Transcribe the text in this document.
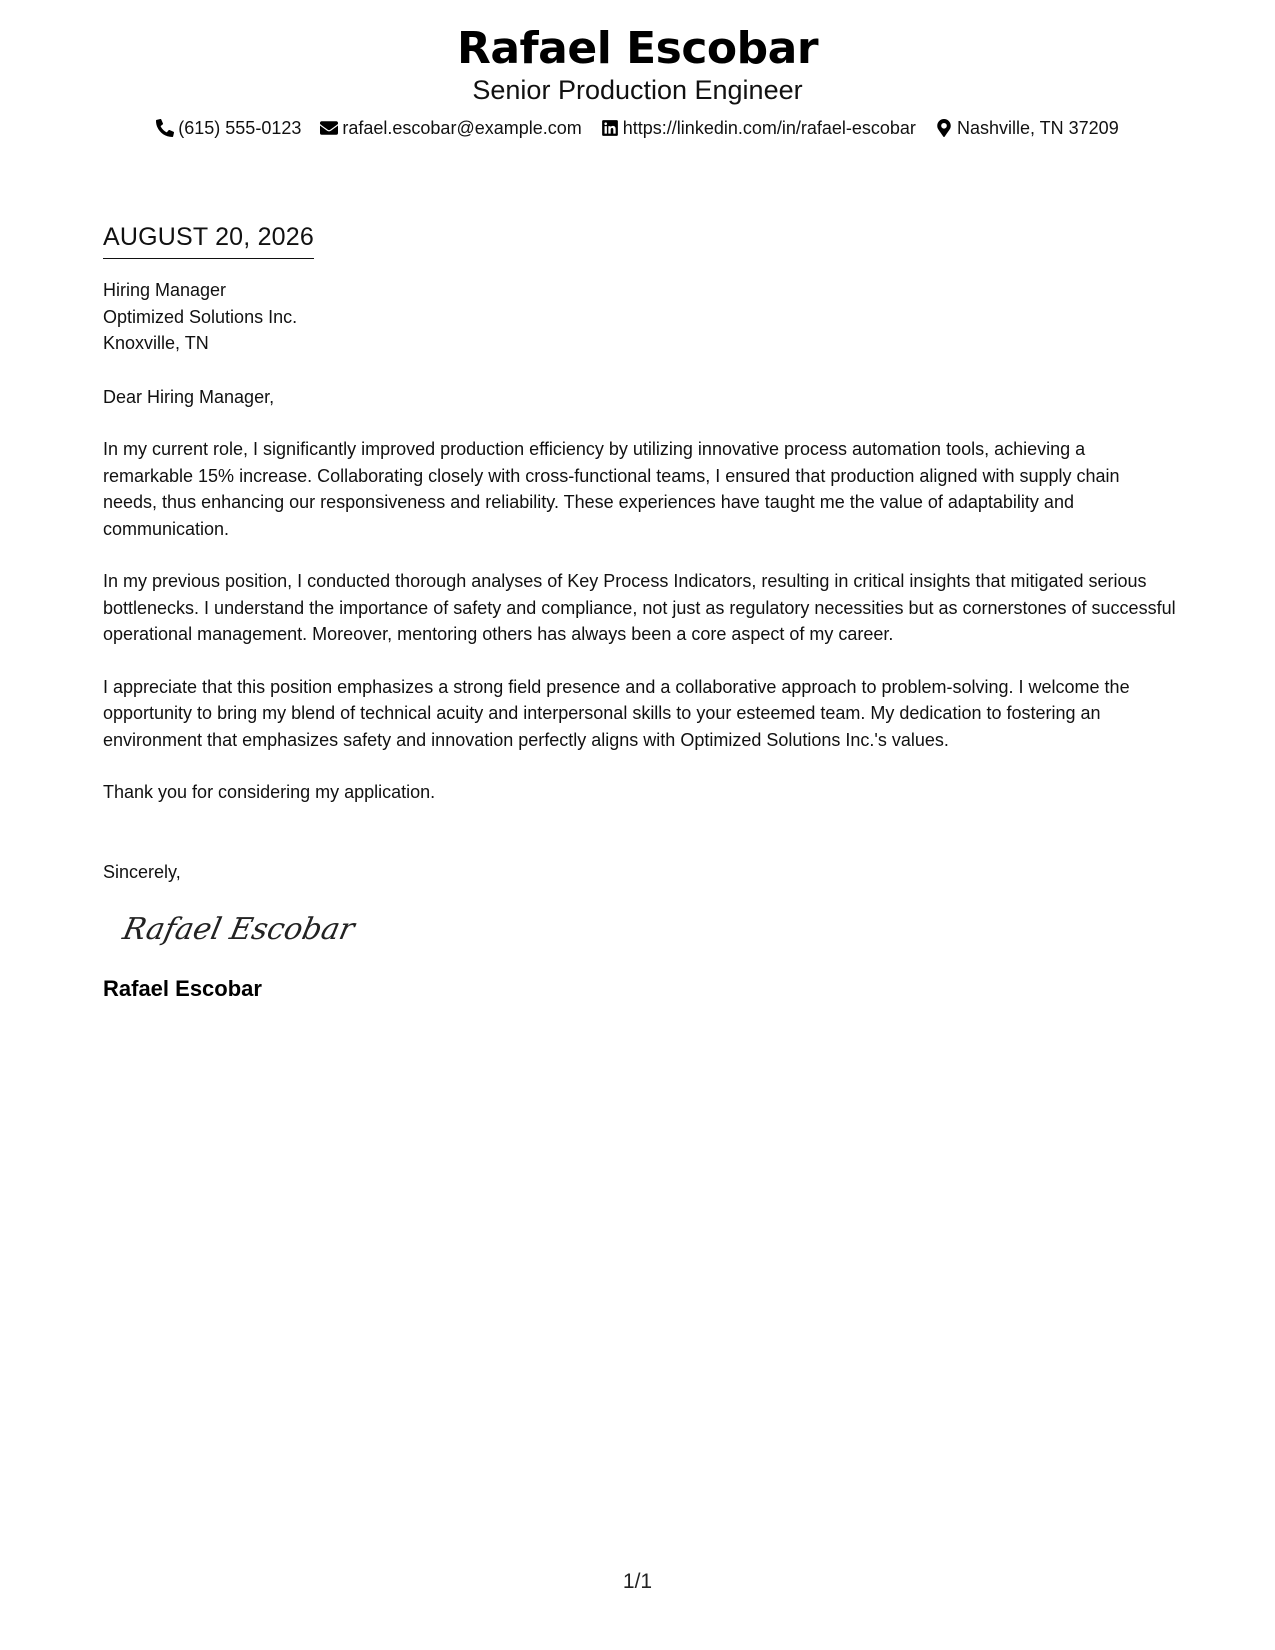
Rafael Escobar
Senior Production Engineer
(615) 555-0123
rafael.escobar@example.com
https://linkedin.com/in/rafael-escobar
Nashville, TN 37209
AUGUST 20, 2026
Hiring Manager
Optimized Solutions Inc.
Knoxville, TN
Dear Hiring Manager,
In my current role, I significantly improved production efficiency by utilizing innovative process automation tools, achieving a remarkable 15% increase. Collaborating closely with cross-functional teams, I ensured that production aligned with supply chain needs, thus enhancing our responsiveness and reliability. These experiences have taught me the value of adaptability and communication.
In my previous position, I conducted thorough analyses of Key Process Indicators, resulting in critical insights that mitigated serious bottlenecks. I understand the importance of safety and compliance, not just as regulatory necessities but as cornerstones of successful operational management. Moreover, mentoring others has always been a core aspect of my career.
I appreciate that this position emphasizes a strong field presence and a collaborative approach to problem-solving. I welcome the opportunity to bring my blend of technical acuity and interpersonal skills to your esteemed team. My dedication to fostering an environment that emphasizes safety and innovation perfectly aligns with Optimized Solutions Inc.'s values.
Thank you for considering my application.
Sincerely,
Rafael Escobar
Rafael Escobar
1/1
